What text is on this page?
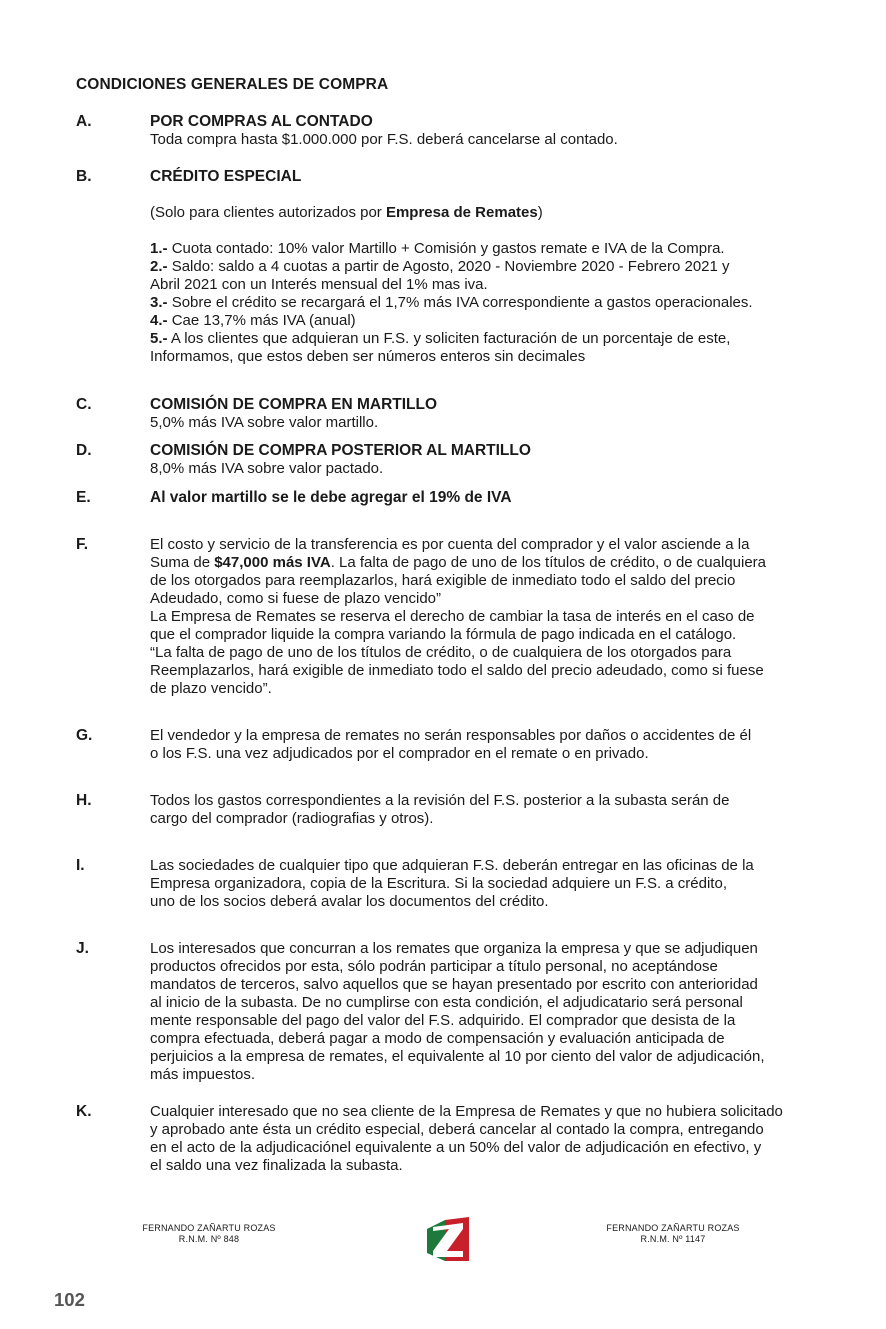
CONDICIONES GENERALES DE COMPRA
A.	POR COMPRAS AL CONTADO
Toda compra hasta $1.000.000 por F.S. deberá cancelarse al contado.
B.	CRÉDITO ESPECIAL
(Solo para clientes autorizados por Empresa de Remates)
1.- Cuota contado: 10% valor Martillo + Comisión y gastos remate e IVA de la Compra.
2.- Saldo: saldo a 4 cuotas a partir de Agosto, 2020 - Noviembre 2020 - Febrero 2021 y
Abril 2021 con un Interés mensual del 1% mas iva.
3.- Sobre el crédito se recargará el 1,7% más IVA correspondiente a gastos operacionales.
4.- Cae 13,7% más IVA (anual)
5.- A los clientes que adquieran un F.S. y soliciten facturación de un porcentaje de este,
Informamos, que estos deben ser números enteros sin decimales
C.	COMISIÓN DE COMPRA EN MARTILLO
5,0% más IVA sobre valor martillo.
D.	COMISIÓN DE COMPRA POSTERIOR AL MARTILLO
8,0% más IVA sobre valor pactado.
E.	Al valor martillo se le debe agregar el 19% de IVA
F.	El costo y servicio de la transferencia es por cuenta del comprador y el valor asciende a la
Suma de $47,000 más IVA. La falta de pago de uno de los títulos de crédito, o de cualquiera
de los otorgados para reemplazarlos, hará exigible de inmediato todo el saldo del precio
Adeudado, como si fuese de plazo vencido”
La Empresa de Remates se reserva el derecho de cambiar la tasa de interés en el caso de
que el comprador liquide la compra variando la fórmula de pago indicada en el catálogo.
“La falta de pago de uno de los títulos de crédito, o de cualquiera de los otorgados para
Reemplazarlos, hará exigible de inmediato todo el saldo del precio adeudado, como si fuese
de plazo vencido”.
G.	El vendedor y la empresa de remates no serán responsables por daños o accidentes de él
o los F.S. una vez adjudicados por el comprador en el remate o en privado.
H.	Todos los gastos correspondientes a la revisión del F.S. posterior a la subasta serán de
cargo del comprador (radiografias y otros).
I.	Las sociedades de cualquier tipo que adquieran F.S. deberán entregar en las oficinas de la
Empresa organizadora, copia de la Escritura. Si la sociedad adquiere un F.S. a crédito,
uno de los socios deberá avalar los documentos del crédito.
J.	Los interesados que concurran a los remates que organiza la empresa y que se adjudiquen
productos ofrecidos por esta, sólo podrán participar a título personal, no aceptándose
mandatos de terceros, salvo aquellos que se hayan presentado por escrito con anterioridad
al inicio de la subasta. De no cumplirse con esta condición, el adjudicatario será personal
mente responsable del pago del valor del F.S. adquirido. El comprador que desista de la
compra efectuada, deberá pagar a modo de compensación y evaluación anticipada de
perjuicios a la empresa de remates, el equivalente al 10 por ciento del valor de adjudicación,
más impuestos.
K.	Cualquier interesado que no sea cliente de la Empresa de Remates y que no hubiera solicitado
y aprobado ante ésta un crédito especial, deberá cancelar al contado la compra, entregando
en el acto de la adjudicaciónel equivalente a un 50% del valor de adjudicación en efectivo, y
el saldo una vez finalizada la subasta.
FERNANDO ZAÑARTU ROZAS
R.N.M. Nº 848
FERNANDO ZAÑARTU ROZAS
R.N.M. Nº 1147
102
